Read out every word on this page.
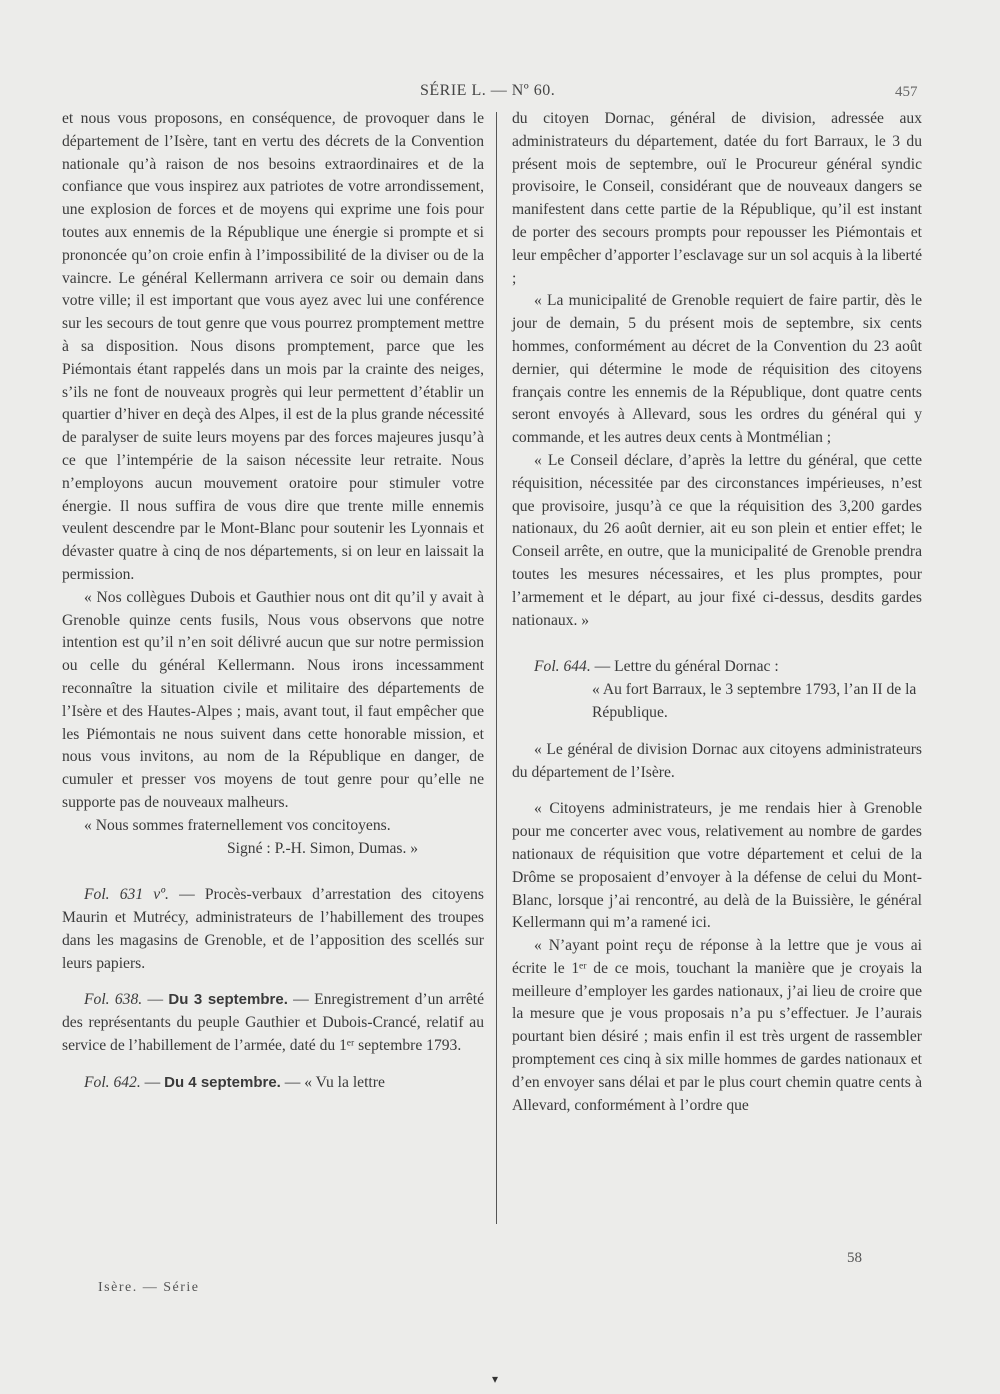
SÉRIE L. — Nº 60.	457

et nous vous proposons, en conséquence, de provoquer dans le département de l’Isère, tant en vertu des décrets de la Convention nationale qu’à raison de nos besoins extraordinaires et de la confiance que vous inspirez aux patriotes de votre arrondissement, une explosion de forces et de moyens qui exprime une fois pour toutes aux ennemis de la République une énergie si prompte et si prononcée qu’on croie enfin à l’impossibilité de la diviser ou de la vaincre. Le général Kellermann arrivera ce soir ou demain dans votre ville; il est important que vous ayez avec lui une conférence sur les secours de tout genre que vous pourrez promptement mettre à sa disposition. Nous disons promptement, parce que les Piémontais étant rappelés dans un mois par la crainte des neiges, s’ils ne font de nouveaux progrès qui leur permettent d’établir un quartier d’hiver en deçà des Alpes, il est de la plus grande nécessité de paralyser de suite leurs moyens par des forces majeures jusqu’à ce que l’intempérie de la saison nécessite leur retraite. Nous n’employons aucun mouvement oratoire pour stimuler votre énergie. Il nous suffira de vous dire que trente mille ennemis veulent descendre par le Mont-Blanc pour soutenir les Lyonnais et dévaster quatre à cinq de nos départements, si on leur en laissait la permission.

« Nos collègues Dubois et Gauthier nous ont dit qu’il y avait à Grenoble quinze cents fusils, Nous vous observons que notre intention est qu’il n’en soit délivré aucun que sur notre permission ou celle du général Kellermann. Nous irons incessamment reconnaître la situation civile et militaire des départements de l’Isère et des Hautes-Alpes ; mais, avant tout, il faut empêcher que les Piémontais ne nous suivent dans cette honorable mission, et nous vous invitons, au nom de la République en danger, de cumuler et presser vos moyens de tout genre pour qu’elle ne supporte pas de nouveaux malheurs.

« Nous sommes fraternellement vos concitoyens.

Signé : P.-H. Simon, Dumas. »

Fol. 631 vº. — Procès-verbaux d’arrestation des citoyens Maurin et Mutrécy, administrateurs de l’habillement des troupes dans les magasins de Grenoble, et de l’apposition des scellés sur leurs papiers.

Fol. 638. — Du 3 septembre. — Enregistrement d’un arrêté des représentants du peuple Gauthier et Dubois-Crancé, relatif au service de l’habillement de l’armée, daté du 1ᵉʳ septembre 1793.

Fol. 642. — Du 4 septembre. — « Vu la lettre

du citoyen Dornac, général de division, adressée aux administrateurs du département, datée du fort Barraux, le 3 du présent mois de septembre, ouï le Procureur général syndic provisoire, le Conseil, considérant que de nouveaux dangers se manifestent dans cette partie de la République, qu’il est instant de porter des secours prompts pour repousser les Piémontais et leur empêcher d’apporter l’esclavage sur un sol acquis à la liberté ;

« La municipalité de Grenoble requiert de faire partir, dès le jour de demain, 5 du présent mois de septembre, six cents hommes, conformément au décret de la Convention du 23 août dernier, qui détermine le mode de réquisition des citoyens français contre les ennemis de la République, dont quatre cents seront envoyés à Allevard, sous les ordres du général qui y commande, et les autres deux cents à Montmélian ;

« Le Conseil déclare, d’après la lettre du général, que cette réquisition, nécessitée par des circonstances impérieuses, n’est que provisoire, jusqu’à ce que la réquisition des 3,200 gardes nationaux, du 26 août dernier, ait eu son plein et entier effet; le Conseil arrête, en outre, que la municipalité de Grenoble prendra toutes les mesures nécessaires, et les plus promptes, pour l’armement et le départ, au jour fixé ci-dessus, desdits gardes nationaux. »

Fol. 644. — Lettre du général Dornac :

« Au fort Barraux, le 3 septembre 1793, l’an II de la République.

« Le général de division Dornac aux citoyens administrateurs du département de l’Isère.

« Citoyens administrateurs, je me rendais hier à Grenoble pour me concerter avec vous, relativement au nombre de gardes nationaux de réquisition que votre département et celui de la Drôme se proposaient d’envoyer à la défense de celui du Mont-Blanc, lorsque j’ai rencontré, au delà de la Buissière, le général Kellermann qui m’a ramené ici.

« N’ayant point reçu de réponse à la lettre que je vous ai écrite le 1ᵉʳ de ce mois, touchant la manière que je croyais la meilleure d’employer les gardes nationaux, j’ai lieu de croire que la mesure que je vous proposais n’a pu s’effectuer. Je l’aurais pourtant bien désiré ; mais enfin il est très urgent de rassembler promptement ces cinq à six mille hommes de gardes nationaux et d’en envoyer sans délai et par le plus court chemin quatre cents à Allevard, conformément à l’ordre que

58
Isère. — Série
▾
